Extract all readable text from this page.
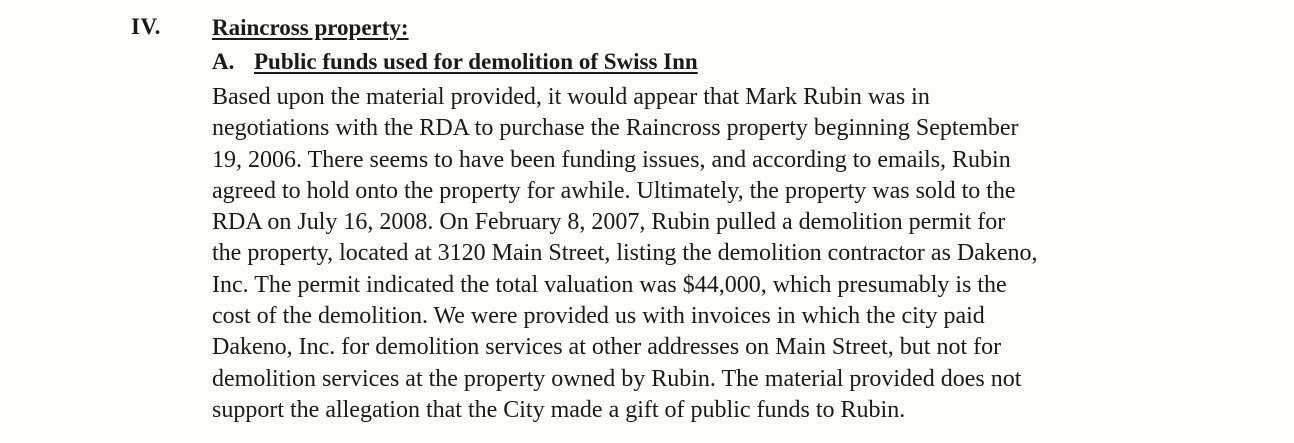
IV. Raincross property:
A. Public funds used for demolition of Swiss Inn
Based upon the material provided, it would appear that Mark Rubin was in
negotiations with the RDA to purchase the Raincross property beginning September
19, 2006. There seems to have been funding issues, and according to emails, Rubin
agreed to hold onto the property for awhile. Ultimately, the property was sold to the
RDA on July 16, 2008. On February 8, 2007, Rubin pulled a demolition permit for
the property, located at 3120 Main Street, listing the demolition contractor as Dakeno,
Inc. The permit indicated the total valuation was $44,000, which presumably is the
cost of the demolition. We were provided us with invoices in which the city paid
Dakeno, Inc. for demolition services at other addresses on Main Street, but not for
demolition services at the property owned by Rubin. The material provided does not
support the allegation that the City made a gift of public funds to Rubin.
